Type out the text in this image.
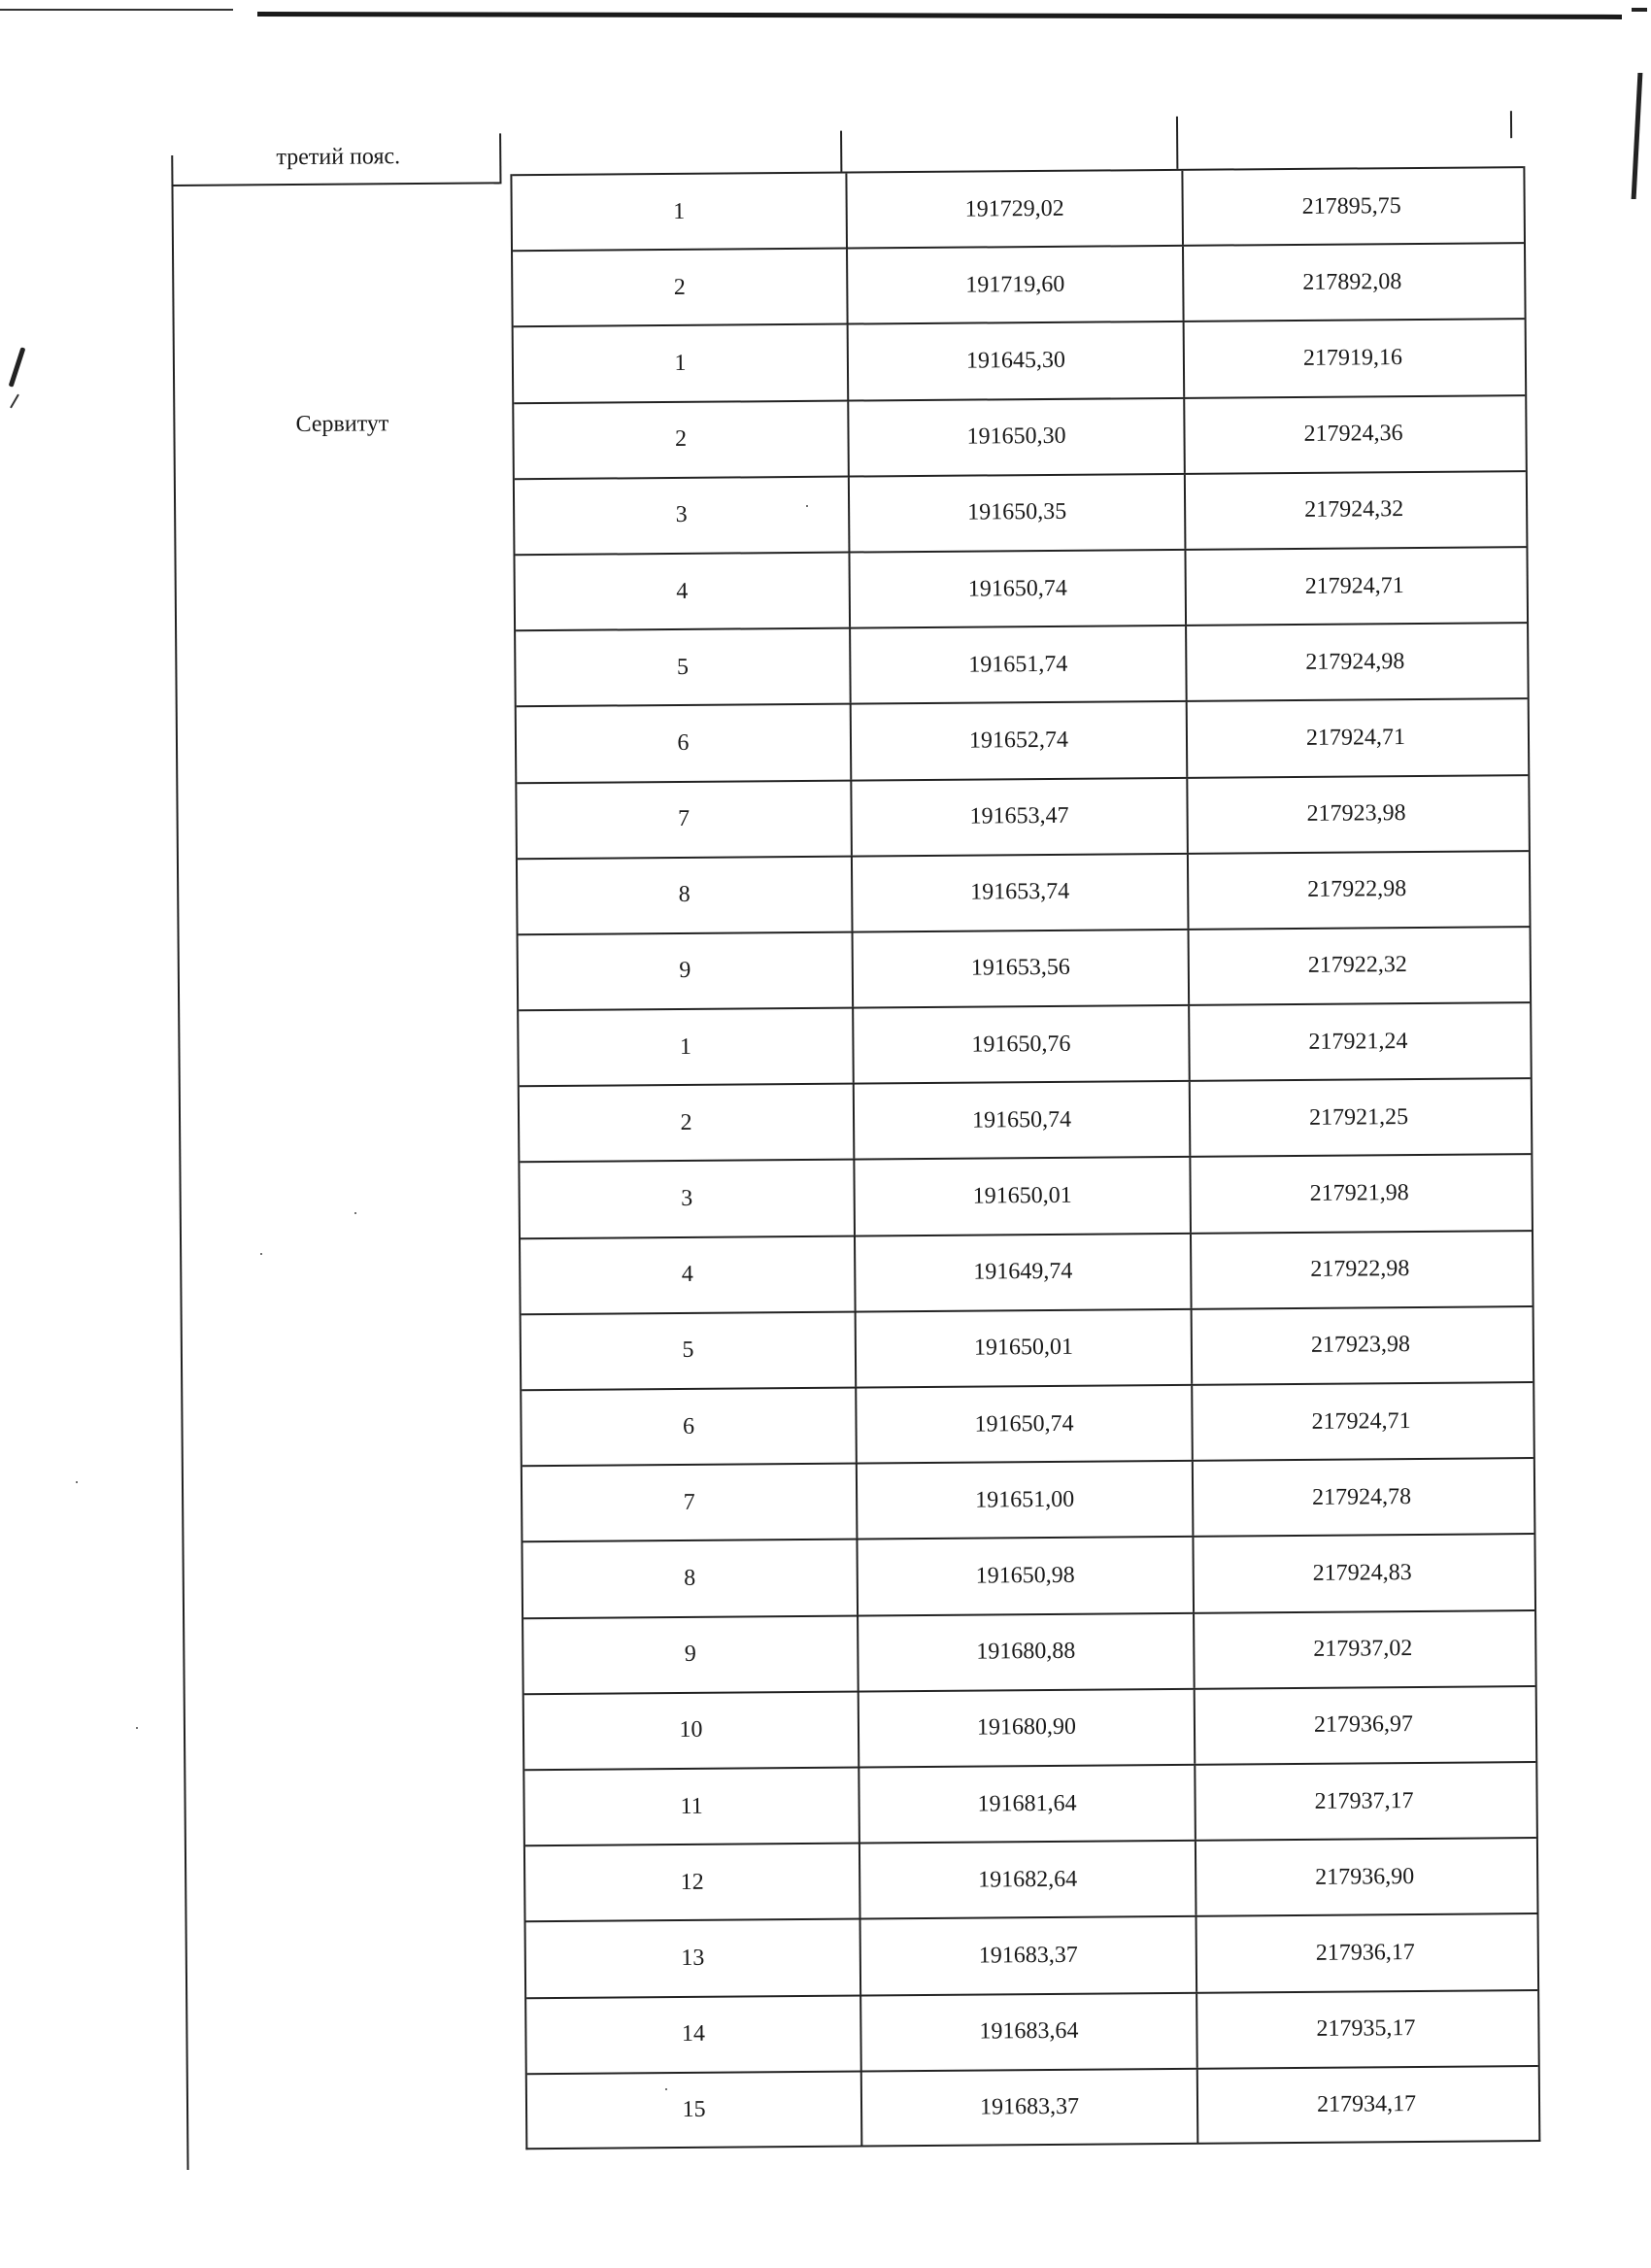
третий пояс.
Сервитут
1	191729,02	217895,75
2	191719,60	217892,08
1	191645,30	217919,16
2	191650,30	217924,36
3	191650,35	217924,32
4	191650,74	217924,71
5	191651,74	217924,98
6	191652,74	217924,71
7	191653,47	217923,98
8	191653,74	217922,98
9	191653,56	217922,32
1	191650,76	217921,24
2	191650,74	217921,25
3	191650,01	217921,98
4	191649,74	217922,98
5	191650,01	217923,98
6	191650,74	217924,71
7	191651,00	217924,78
8	191650,98	217924,83
9	191680,88	217937,02
10	191680,90	217936,97
11	191681,64	217937,17
12	191682,64	217936,90
13	191683,37	217936,17
14	191683,64	217935,17
15	191683,37	217934,17
